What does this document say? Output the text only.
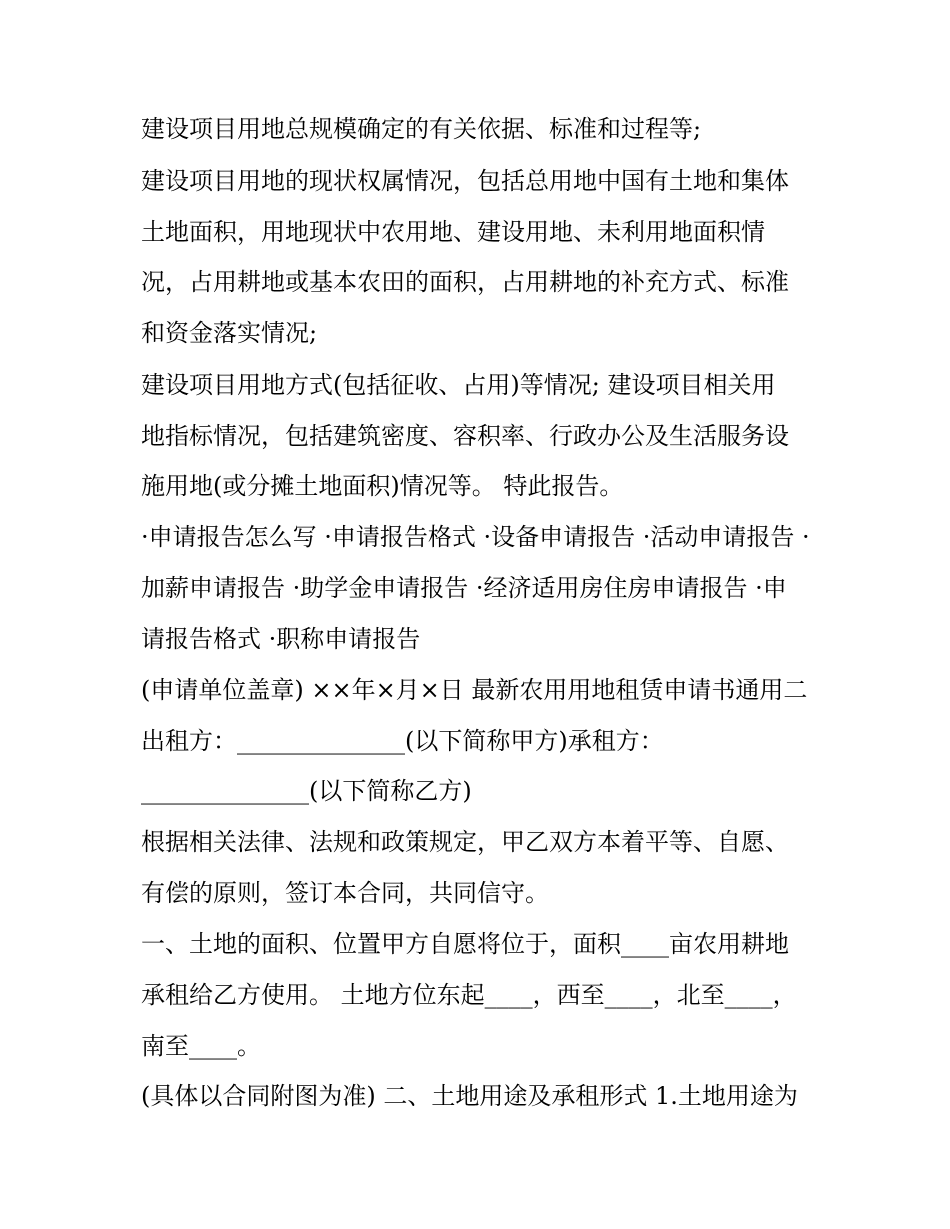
建设项目用地总规模确定的有关依据、标准和过程等;
建设项目用地的现状权属情况，包括总用地中国有土地和集体
土地面积，用地现状中农用地、建设用地、未利用地面积情
况，占用耕地或基本农田的面积，占用耕地的补充方式、标准
和资金落实情况;
建设项目用地方式(包括征收、占用)等情况; 建设项目相关用
地指标情况，包括建筑密度、容积率、行政办公及生活服务设
施用地(或分摊土地面积)情况等。 特此报告。
·申请报告怎么写 ·申请报告格式 ·设备申请报告 ·活动申请报告 ·
加薪申请报告 ·助学金申请报告 ·经济适用房住房申请报告 ·申
请报告格式 ·职称申请报告
(申请单位盖章) ××年×月×日 最新农用用地租赁申请书通用二
出租方：______________(以下简称甲方)承租方：
______________(以下简称乙方)
根据相关法律、法规和政策规定，甲乙双方本着平等、自愿、
有偿的原则，签订本合同，共同信守。
一、土地的面积、位置甲方自愿将位于，面积____亩农用耕地
承租给乙方使用。 土地方位东起____，西至____，北至____，
南至____。
(具体以合同附图为准) 二、土地用途及承租形式 1.土地用途为
